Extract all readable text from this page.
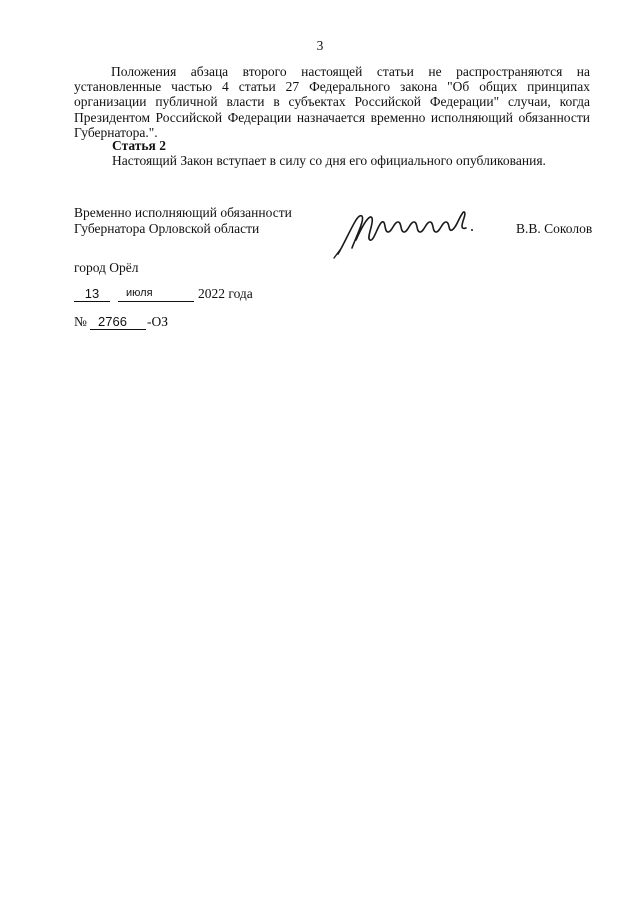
3

Положения абзаца второго настоящей статьи не распространяются на установленные частью 4 статьи 27 Федерального закона "Об общих принципах организации публичной власти в субъектах Российской Федерации" случаи, когда Президентом Российской Федерации назначается временно исполняющий обязанности Губернатора.".

Статья 2
Настоящий Закон вступает в силу со дня его официального опубликования.
Временно исполняющий обязанности
Губернатора Орловской области	В.В. Соколов
город Орёл
13	июля	2022 года
№ 2766	-ОЗ
